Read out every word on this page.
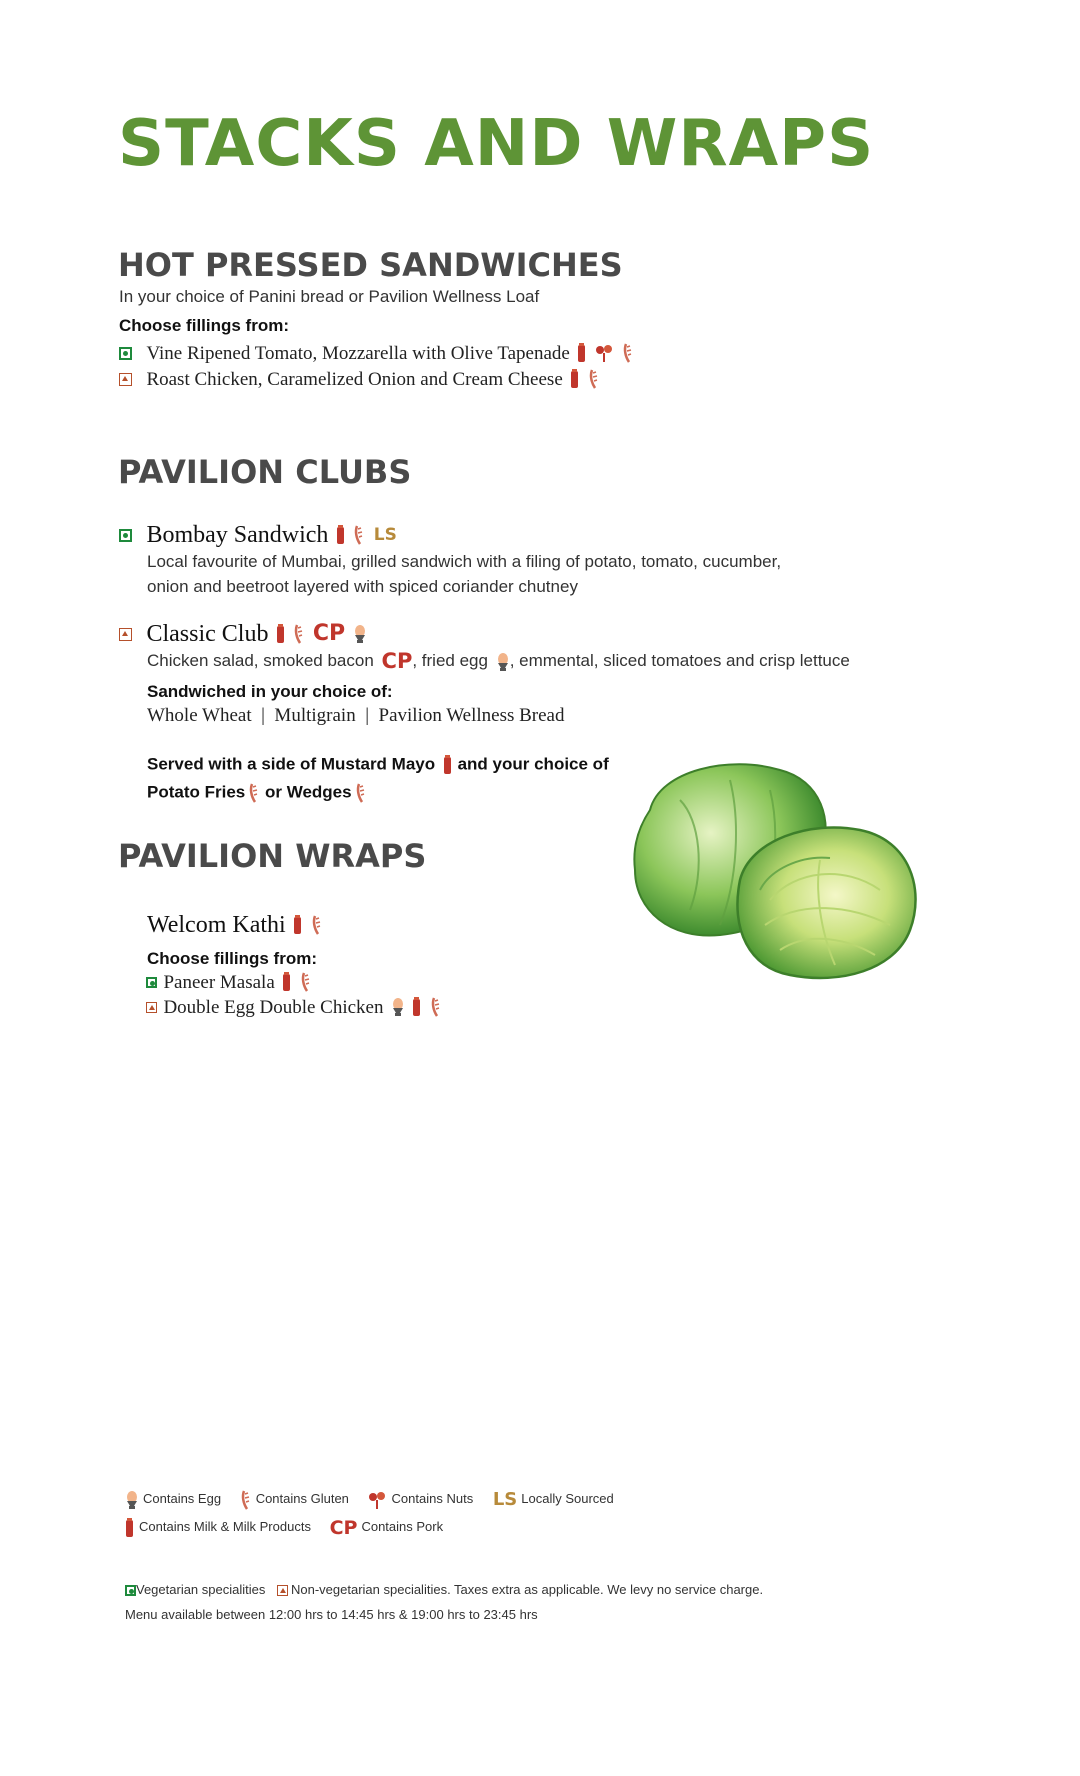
STACKS AND WRAPS
HOT PRESSED SANDWICHES
In your choice of Panini bread or Pavilion Wellness Loaf
Choose fillings from:
Vine Ripened Tomato, Mozzarella with Olive Tapenade
Roast Chicken, Caramelized Onion and Cream Cheese
PAVILION CLUBS
Bombay Sandwich	LS
Local favourite of Mumbai, grilled sandwich with a filing of potato, tomato, cucumber,
onion and beetroot layered with spiced coriander chutney
Classic Club CP
Chicken salad, smoked bacon CP, fried egg , emmental, sliced tomatoes and crisp lettuce
Sandwiched in your choice of:
Whole Wheat  |  Multigrain  |  Pavilion Wellness Bread
Served with a side of Mustard Mayo and your choice of
Potato Fries or Wedges
PAVILION WRAPS
Welcom Kathi
Choose fillings from:
Paneer Masala
Double Egg Double Chicken
Contains Egg	Contains Gluten	Contains Nuts LS Locally Sourced
Contains Milk & Milk Products CP Contains Pork
Vegetarian specialities Non-vegetarian specialities. Taxes extra as applicable. We levy no service charge.
Menu available between 12:00 hrs to 14:45 hrs & 19:00 hrs to 23:45 hrs
